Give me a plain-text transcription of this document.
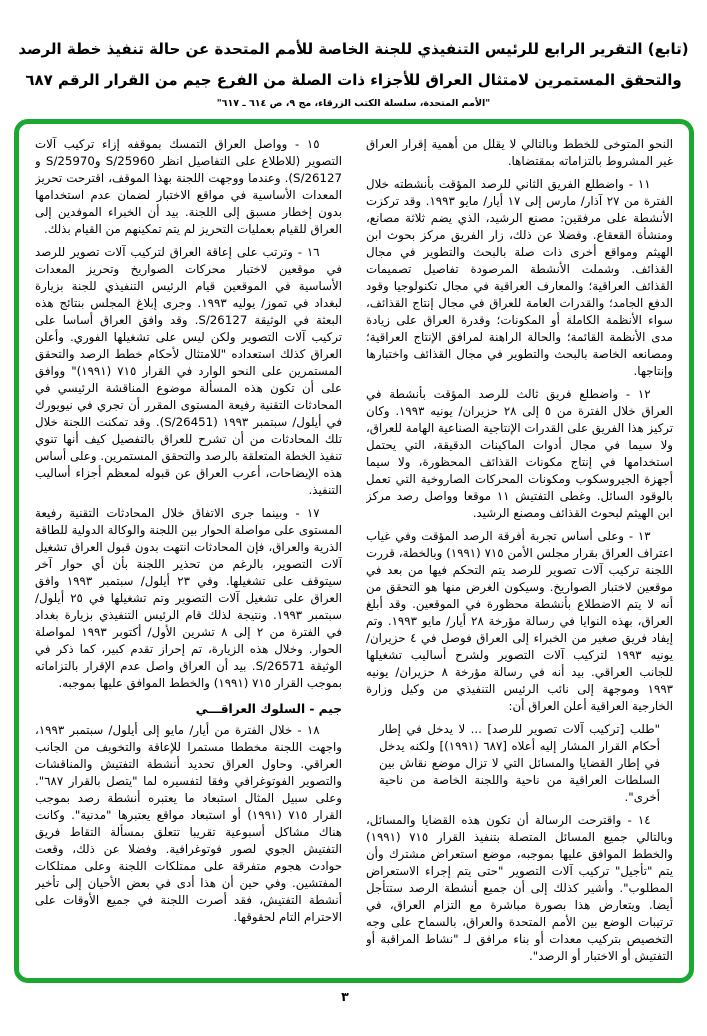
(تابع) التقرير الرابع للرئيس التنفيذي للجنة الخاصة للأمم المتحدة عن حالة تنفيذ خطة الرصد
والتحقق المستمرين لامتثال العراق للأجزاء ذات الصلة من الفرع جيم من القرار الرقم ٦٨٧
"الأمم المتحدة، سلسلة الكتب الزرقاء، مج ٩، ص ٦١٤ ـ ٦١٧"

النحو المتوخى للخطط وبالتالي لا يقلل من أهمية إقرار العراق غير المشروط بالتزاماته بمقتضاها.

١١ - واضطلع الفريق الثاني للرصد المؤقت بأنشطته خلال الفترة من ٢٧ آذار/ مارس إلى ١٧ أيار/ مايو ١٩٩٣. وقد تركزت الأنشطة على مرفقين: مصنع الرشيد، الذي يضم ثلاثة مصانع، ومنشأة القعقاع. وفضلا عن ذلك، زار الفريق مركز بحوث ابن الهيثم ومواقع أخرى ذات صلة بالبحث والتطوير في مجال القذائف. وشملت الأنشطة المرصودة تفاصيل تصميمات القذائف العراقية؛ والمعارف العراقية في مجال تكنولوجيا وقود الدفع الجامد؛ والقدرات العامة للعراق في مجال إنتاج القذائف، سواء الأنظمة الكاملة أو المكونات؛ وقدرة العراق على زيادة مدى الأنظمة القائمة؛ والحالة الراهنة لمرافق الإنتاج العراقية؛ ومصانعه الخاصة بالبحث والتطوير في مجال القذائف واختبارها وإنتاجها.

١٢ - واضطلع فريق ثالث للرصد المؤقت بأنشطة في العراق خلال الفترة من ٥ إلى ٢٨ حزيران/ يونيه ١٩٩٣. وكان تركيز هذا الفريق على القدرات الإنتاجية الصناعية الهامة للعراق، ولا سيما في مجال أدوات الماكينات الدقيقة، التي يحتمل استخدامها في إنتاج مكونات القذائف المحظورة، ولا سيما أجهزة الجيروسكوب ومكونات المحركات الصاروخية التي تعمل بالوقود السائل. وغطى التفتيش ١١ موقعا وواصل رصد مركز ابن الهيثم لبحوث القذائف ومصنع الرشيد.

١٣ - وعلى أساس تجربة أفرقة الرصد المؤقت وفي غياب اعتراف العراق بقرار مجلس الأمن ٧١٥ (١٩٩١) وبالخطة، قررت اللجنة تركيب آلات تصوير للرصد يتم التحكم فيها من بعد في موقعين لاختبار الصواريخ. وسيكون الغرض منها هو التحقق من أنه لا يتم الاضطلاع بأنشطة محظورة في الموقعين. وقد أبلغ العراق، بهذه النوايا في رسالة مؤرخة ٢٨ أيار/ مايو ١٩٩٣. وتم إيفاد فريق صغير من الخبراء إلى العراق فوصل في ٤ حزيران/ يونيه ١٩٩٣ لتركيب آلات التصوير ولشرح أساليب تشغيلها للجانب العراقي. بيد أنه في رسالة مؤرخة ٨ حزيران/ يونيه ١٩٩٣ وموجهة إلى نائب الرئيس التنفيذي من وكيل وزارة الخارجية العراقية أعلن العراق أن:

"طلب [تركيب آلات تصوير للرصد] ... لا يدخل في إطار أحكام القرار المشار إليه أعلاه [٦٨٧ (١٩٩١)] ولكنه يدخل في إطار القضايا والمسائل التي لا تزال موضع نقاش بين السلطات العراقية من ناحية واللجنة الخاصة من ناحية أخرى".

١٤ - واقترحت الرسالة أن تكون هذه القضايا والمسائل، وبالتالي جميع المسائل المتصلة بتنفيذ القرار ٧١٥ (١٩٩١) والخطط الموافق عليها بموجبه، موضع استعراض مشترك وأن يتم "تأجيل" تركيب آلات التصوير "حتى يتم إجراء الاستعراض المطلوب". وأشير كذلك إلى أن جميع أنشطة الرصد ستتأجل أيضا. ويتعارض هذا بصورة مباشرة مع التزام العراق، في ترتيبات الوضع بين الأمم المتحدة والعراق، بالسماح على وجه التخصيص بتركيب معدات أو بناء مرافق لـ "نشاط المراقبة أو التفتيش أو الاختبار أو الرصد".

١٥ - وواصل العراق التمسك بموقفه إزاء تركيب آلات التصوير (للاطلاع على التفاصيل انظر S/25960 وS/25970 و S/26127). وعندما ووجهت اللجنة بهذا الموقف، اقترحت تحريز المعدات الأساسية في مواقع الاختبار لضمان عدم استخدامها بدون إخطار مسبق إلى اللجنة. بيد أن الخبراء الموفدين إلى العراق للقيام بعمليات التحريز لم يتم تمكينهم من القيام بذلك.

١٦ - وترتب على إعاقة العراق لتركيب آلات تصوير للرصد في موقعين لاختبار محركات الصواريخ وتحريز المعدات الأساسية في الموقعين قيام الرئيس التنفيذي للجنة بزيارة لبغداد في تموز/ يوليه ١٩٩٣. وجرى إبلاغ المجلس بنتائج هذه البعثة في الوثيقة S/26127. وقد وافق العراق أساسا على تركيب آلات التصوير ولكن ليس على تشغيلها الفوري. وأعلن العراق كذلك استعداده "للامتثال لأحكام خطط الرصد والتحقق المستمرين على النحو الوارد في القرار ٧١٥ (١٩٩١)" ووافق على أن تكون هذه المسألة موضوع المناقشة الرئيسي في المحادثات التقنية رفيعة المستوى المقرر أن تجري في نيويورك في أيلول/ سبتمبر ١٩٩٣ (S/26451). وقد تمكنت اللجنة خلال تلك المحادثات من أن تشرح للعراق بالتفصيل كيف أنها تنوي تنفيذ الخطة المتعلقة بالرصد والتحقق المستمرين. وعلى أساس هذه الإيضاحات، أعرب العراق عن قبوله لمعظم أجزاء أساليب التنفيذ.

١٧ - وبينما جرى الاتفاق خلال المحادثات التقنية رفيعة المستوى على مواصلة الحوار بين اللجنة والوكالة الدولية للطاقة الذرية والعراق، فإن المحادثات انتهت بدون قبول العراق تشغيل آلات التصوير، بالرغم من تحذير اللجنة بأن أي حوار آخر سيتوقف على تشغيلها. وفي ٢٣ أيلول/ سبتمبر ١٩٩٣ وافق العراق على تشغيل آلات التصوير وتم تشغيلها في ٢٥ أيلول/ سبتمبر ١٩٩٣. ونتيجة لذلك قام الرئيس التنفيذي بزيارة بغداد في الفترة من ٢ إلى ٨ تشرين الأول/ أكتوبر ١٩٩٣ لمواصلة الحوار. وخلال هذه الزيارة، تم إحراز تقدم كبير، كما ذكر في الوثيقة S/26571. بيد أن العراق واصل عدم الإقرار بالتزاماته بموجب القرار ٧١٥ (١٩٩١) والخطط الموافق عليها بموجبه.

جيم - السلوك العراقـــي

١٨ - خلال الفترة من أيار/ مايو إلى أيلول/ سبتمبر ١٩٩٣، واجهت اللجنة مخططا مستمرا للإعاقة والتخويف من الجانب العراقي. وحاول العراق تحديد أنشطة التفتيش والمناقشات والتصوير الفوتوغرافي وفقا لتفسيره لما "يتصل بالقرار ٦٨٧". وعلى سبيل المثال استبعاد ما يعتبره أنشطة رصد بموجب القرار ٧١٥ (١٩٩١) أو استبعاد مواقع يعتبرها "مدنية". وكانت هناك مشاكل أسبوعية تقريبا تتعلق بمسألة التقاط فريق التفتيش الجوي لصور فوتوغرافية. وفضلا عن ذلك، وقعت حوادث هجوم متفرقة على ممتلكات اللجنة وعلى ممتلكات المفتشين. وفي حين أن هذا أدى في بعض الأحيان إلى تأخير أنشطة التفتيش، فقد أصرت اللجنة في جميع الأوقات على الاحترام التام لحقوقها.

٣
